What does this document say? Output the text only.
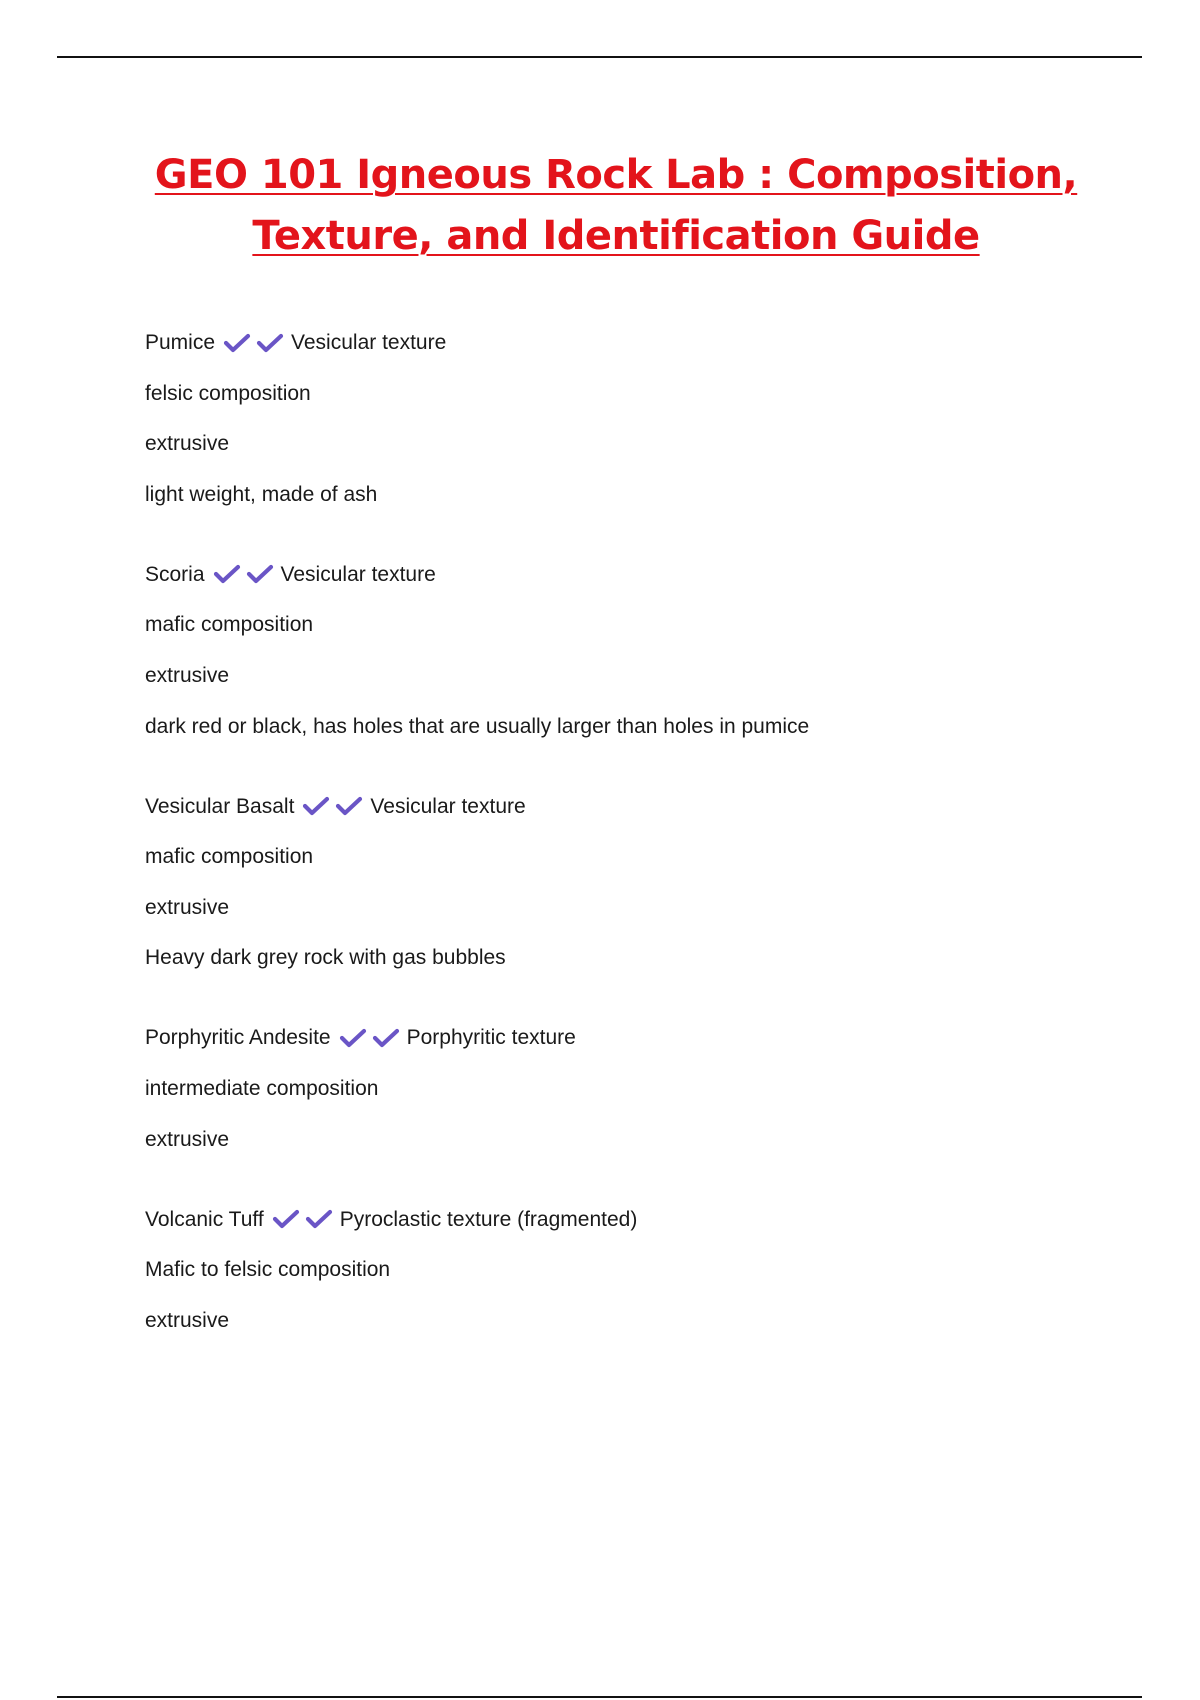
GEO 101 Igneous Rock Lab : Composition,
Texture, and Identification Guide
Pumice	Vesicular texture
felsic composition
extrusive
light weight, made of ash
Scoria	Vesicular texture
mafic composition
extrusive
dark red or black, has holes that are usually larger than holes in pumice
Vesicular Basalt	Vesicular texture
mafic composition
extrusive
Heavy dark grey rock with gas bubbles
Porphyritic Andesite	Porphyritic texture
intermediate composition
extrusive
Volcanic Tuff	Pyroclastic texture (fragmented)
Mafic to felsic composition
extrusive
